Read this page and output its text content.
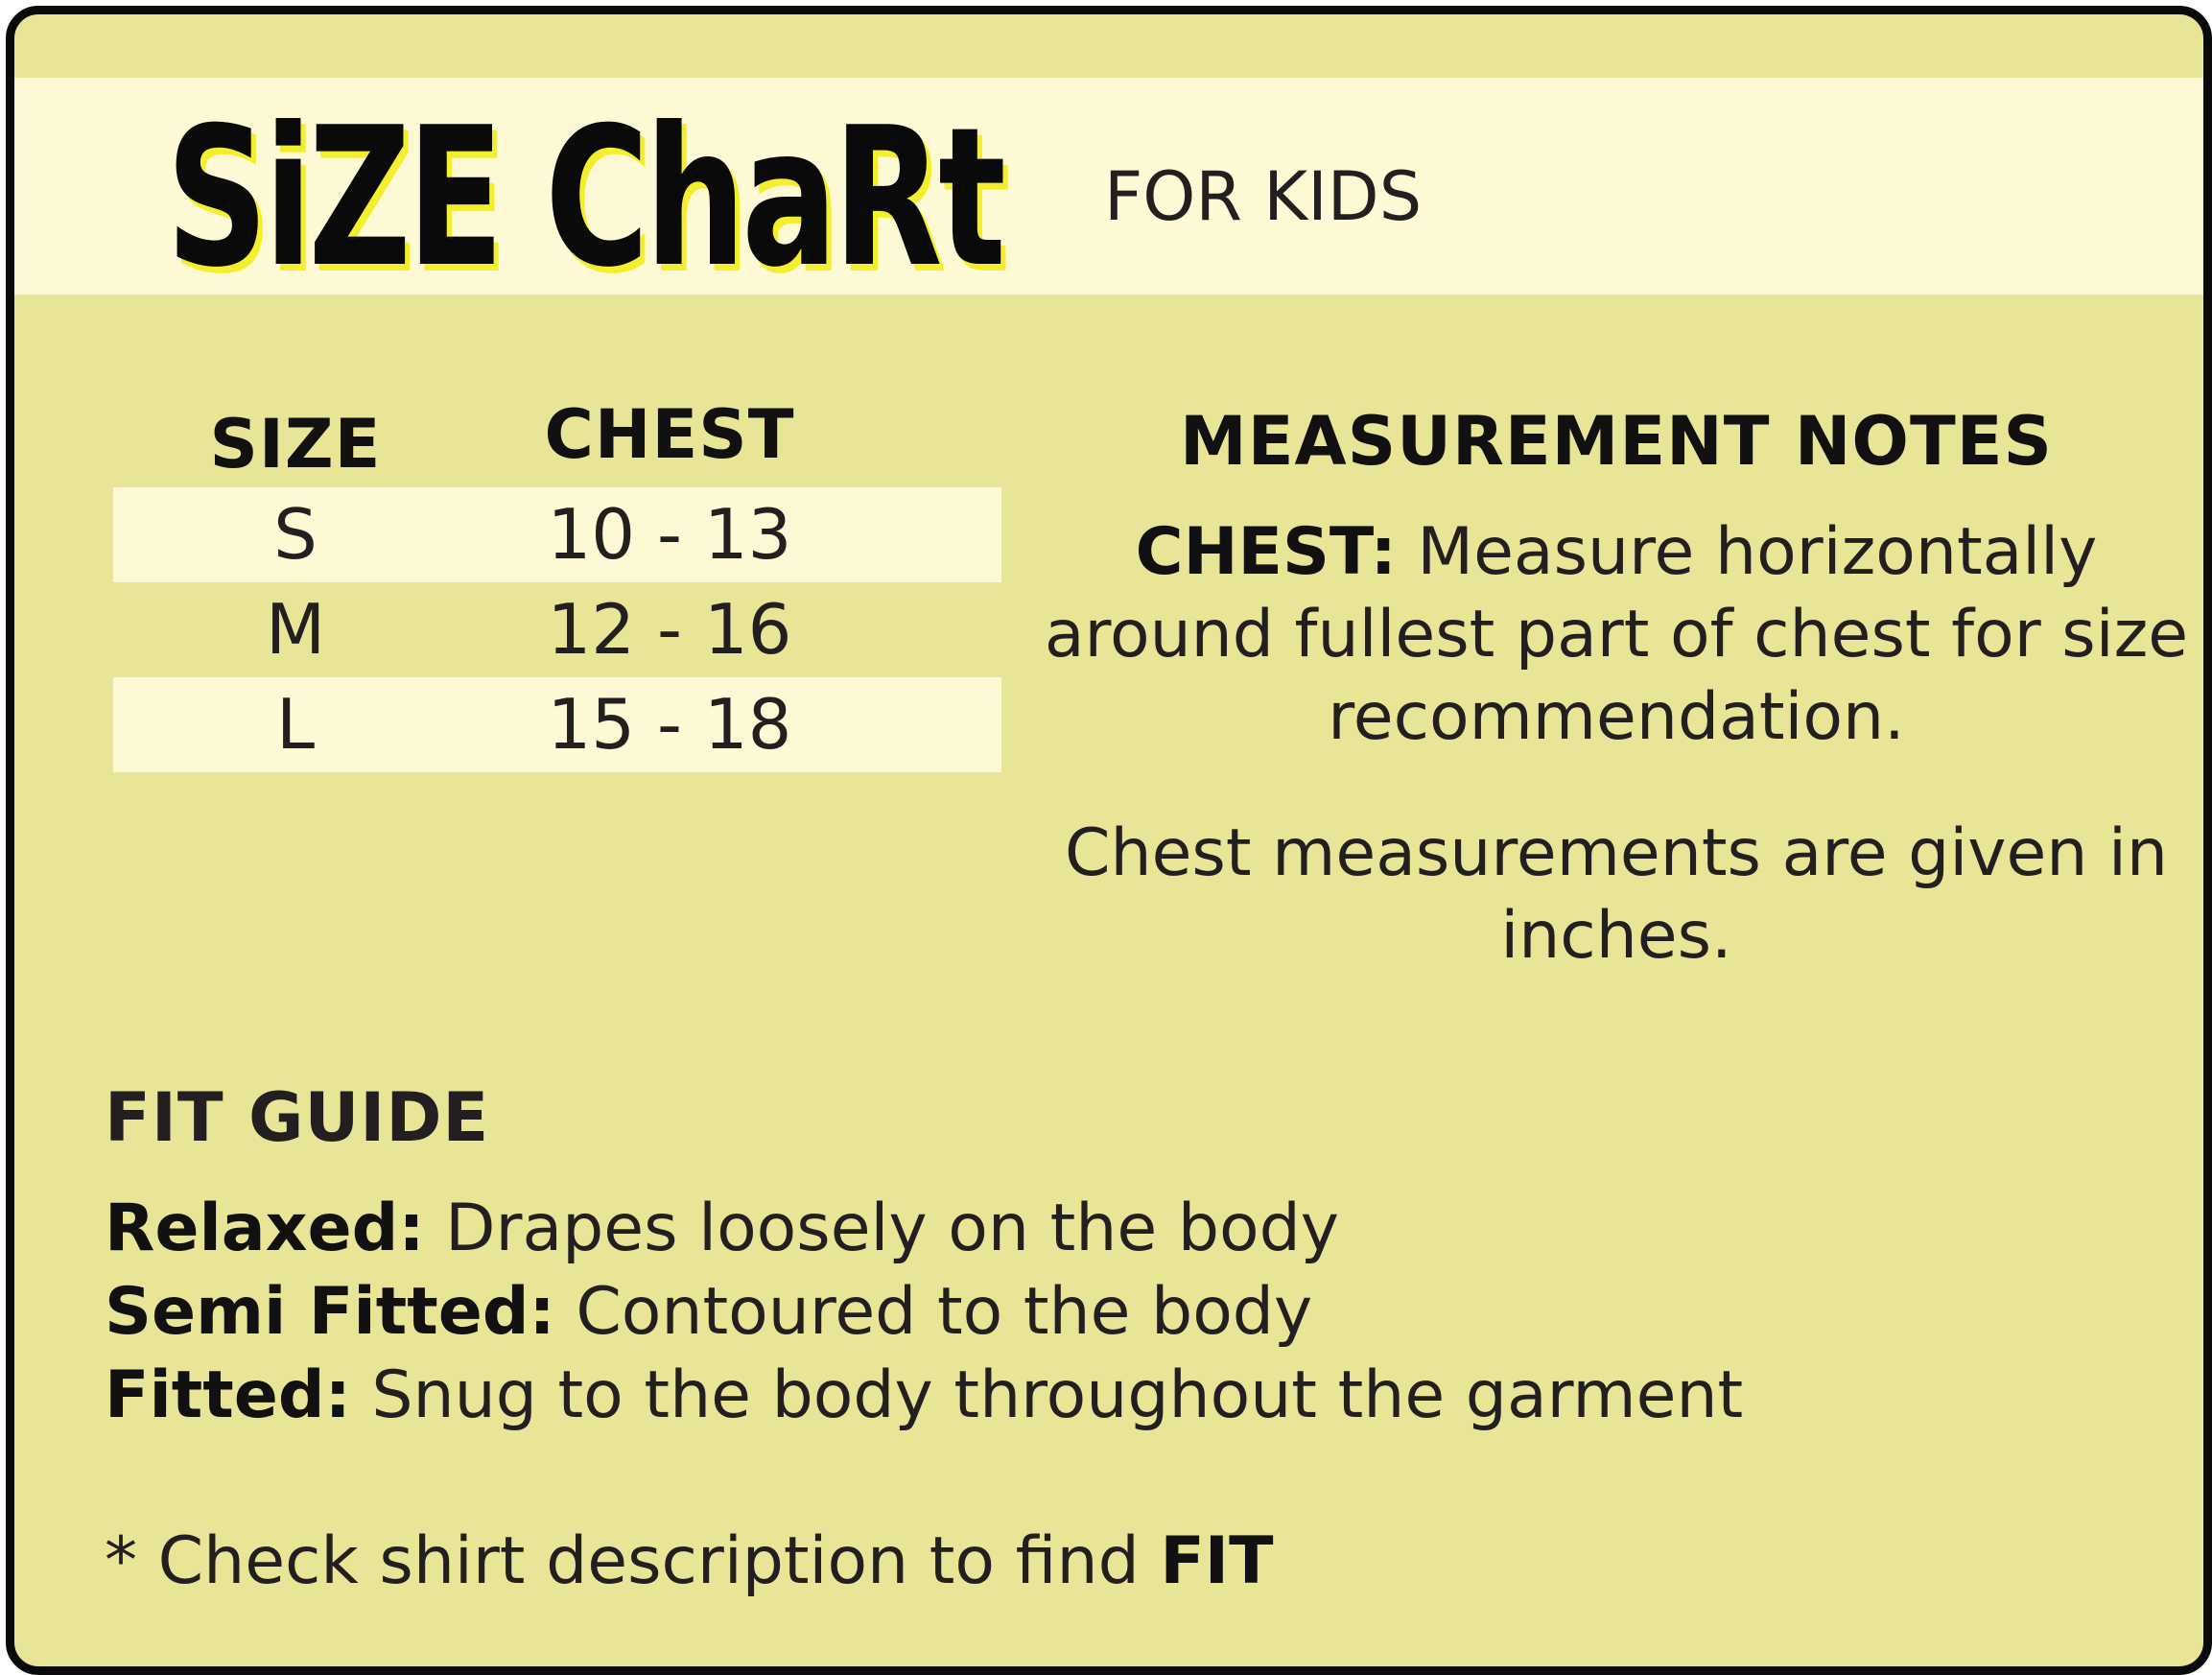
SiZE ChaRt FOR KIDS
SIZE	CHEST
S	10 - 13
M	12 - 16
L	15 - 18
MEASUREMENT NOTES
CHEST: Measure horizontally around fullest part of chest for size recommendation.
Chest measurements are given in inches.
FIT GUIDE
Relaxed: Drapes loosely on the body
Semi Fitted: Contoured to the body
Fitted: Snug to the body throughout the garment
* Check shirt description to find FIT
